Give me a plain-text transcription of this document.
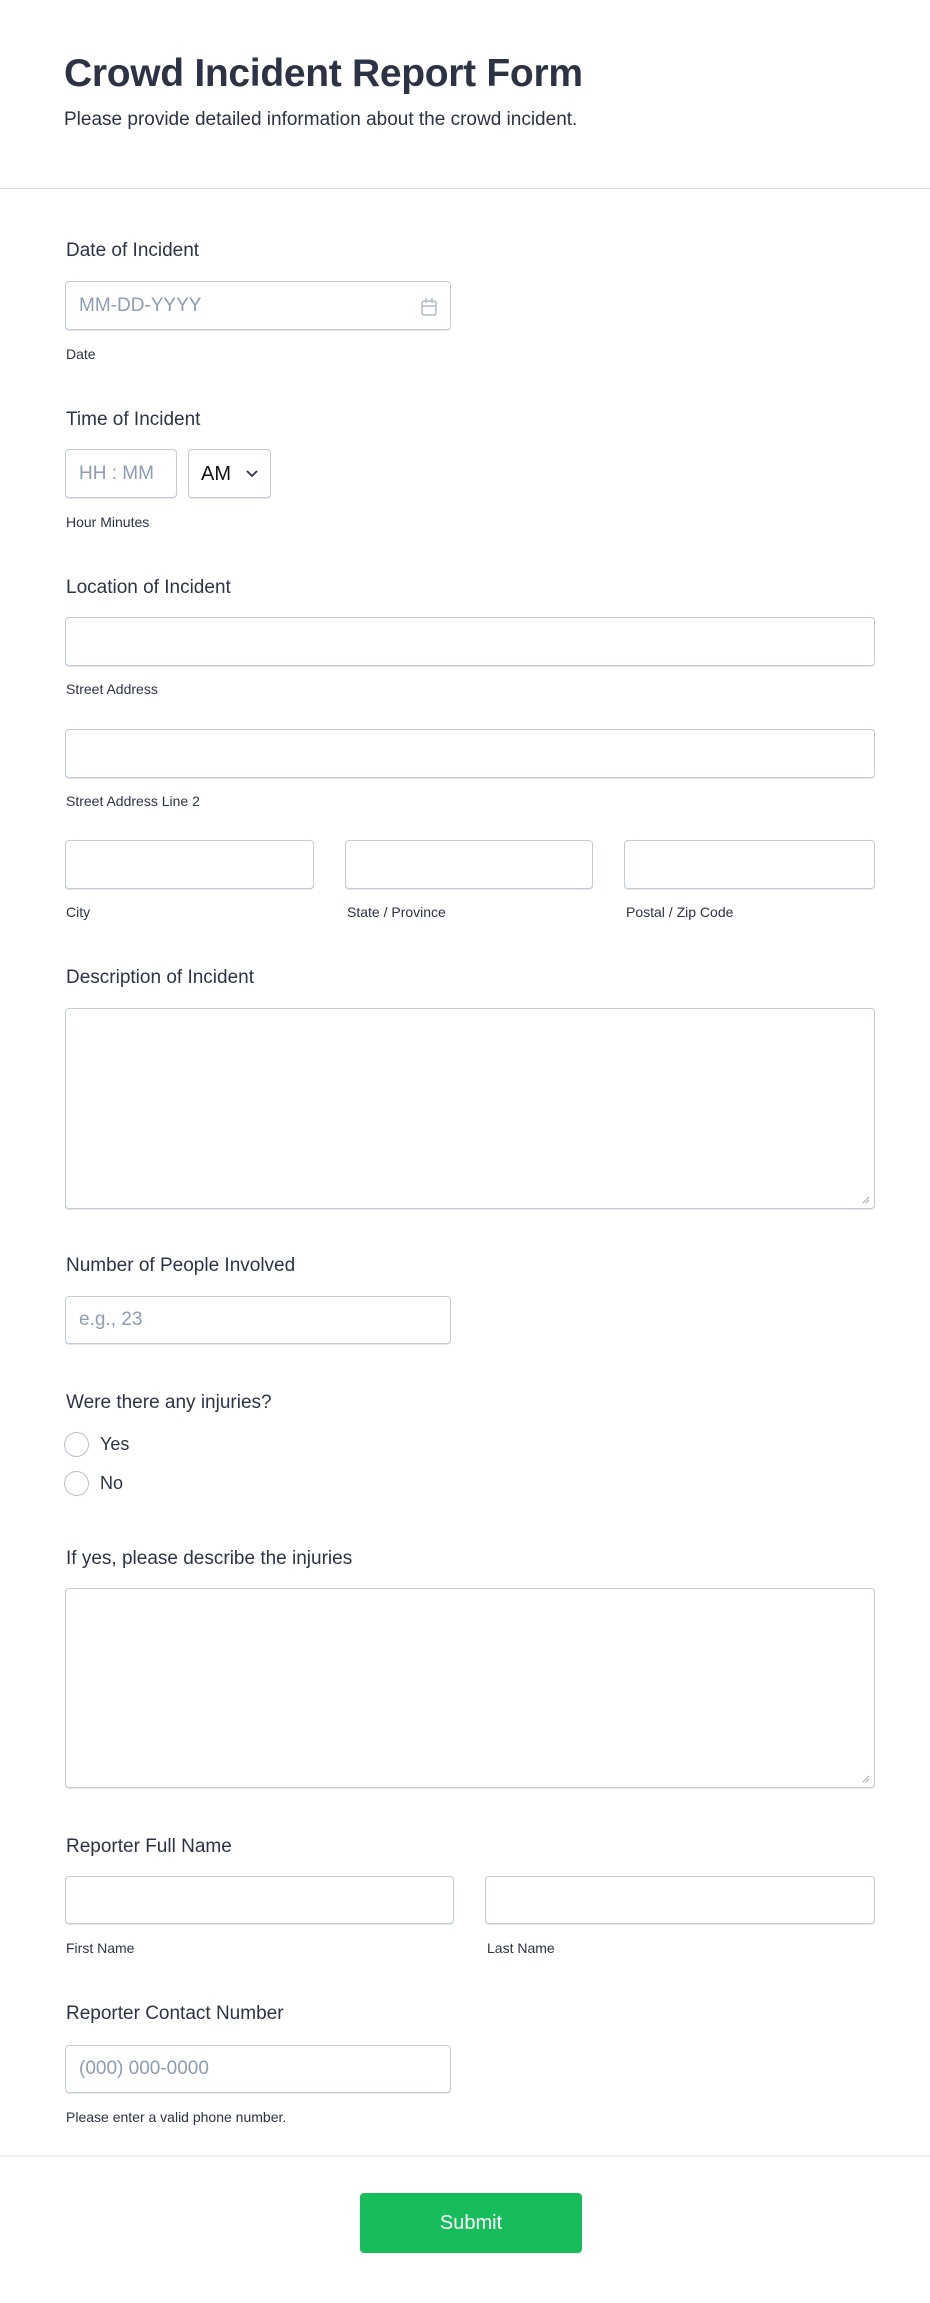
Crowd Incident Report Form
Please provide detailed information about the crowd incident.
Date of Incident
MM-DD-YYYY
Date
Time of Incident
HH : MM AM
Hour Minutes
Location of Incident
Street Address
Street Address Line 2
City	State / Province	Postal / Zip Code
Description of Incident
Number of People Involved
e.g., 23
Were there any injuries?
Yes
No
If yes, please describe the injuries
Reporter Full Name
First Name	Last Name
Reporter Contact Number
(000) 000-0000
Please enter a valid phone number.
Submit
